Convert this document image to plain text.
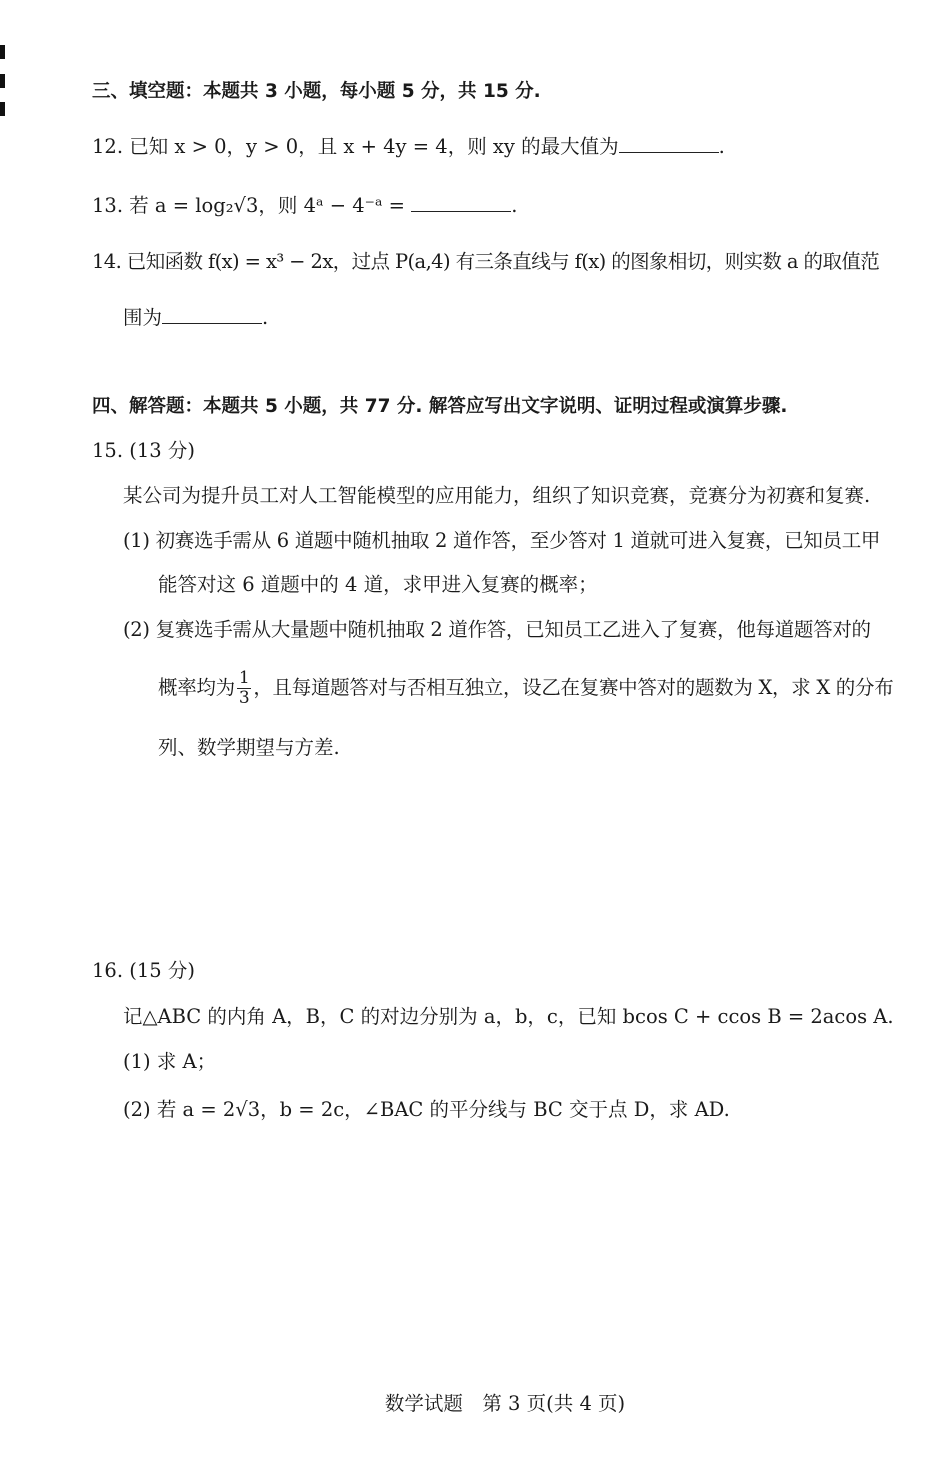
三、填空题：本题共 3 小题，每小题 5 分，共 15 分.
12. 已知 x > 0，y > 0，且 x + 4y = 4，则 xy 的最大值为	.
13. 若 a = log₂√3，则 4ᵃ − 4⁻ᵃ =	.
14. 已知函数 f(x) = x³ − 2x，过点 P(a,4) 有三条直线与 f(x) 的图象相切，则实数 a 的取值范
围为	.
四、解答题：本题共 5 小题，共 77 分. 解答应写出文字说明、证明过程或演算步骤.
15. (13 分)
某公司为提升员工对人工智能模型的应用能力，组织了知识竞赛，竞赛分为初赛和复赛.
(1) 初赛选手需从 6 道题中随机抽取 2 道作答，至少答对 1 道就可进入复赛，已知员工甲
能答对这 6 道题中的 4 道，求甲进入复赛的概率；
(2) 复赛选手需从大量题中随机抽取 2 道作答，已知员工乙进入了复赛，他每道题答对的
概率均为 $\frac{1}{3}$ ，且每道题答对与否相互独立，设乙在复赛中答对的题数为 X，求 X 的分布
列、数学期望与方差.
16. (15 分)
记△ABC 的内角 A，B，C 的对边分别为 a，b，c，已知 bcos C + ccos B = 2acos A.
(1) 求 A；
(2) 若 a = 2√3，b = 2c，∠BAC 的平分线与 BC 交于点 D，求 AD.
数学试题　第 3 页(共 4 页)
